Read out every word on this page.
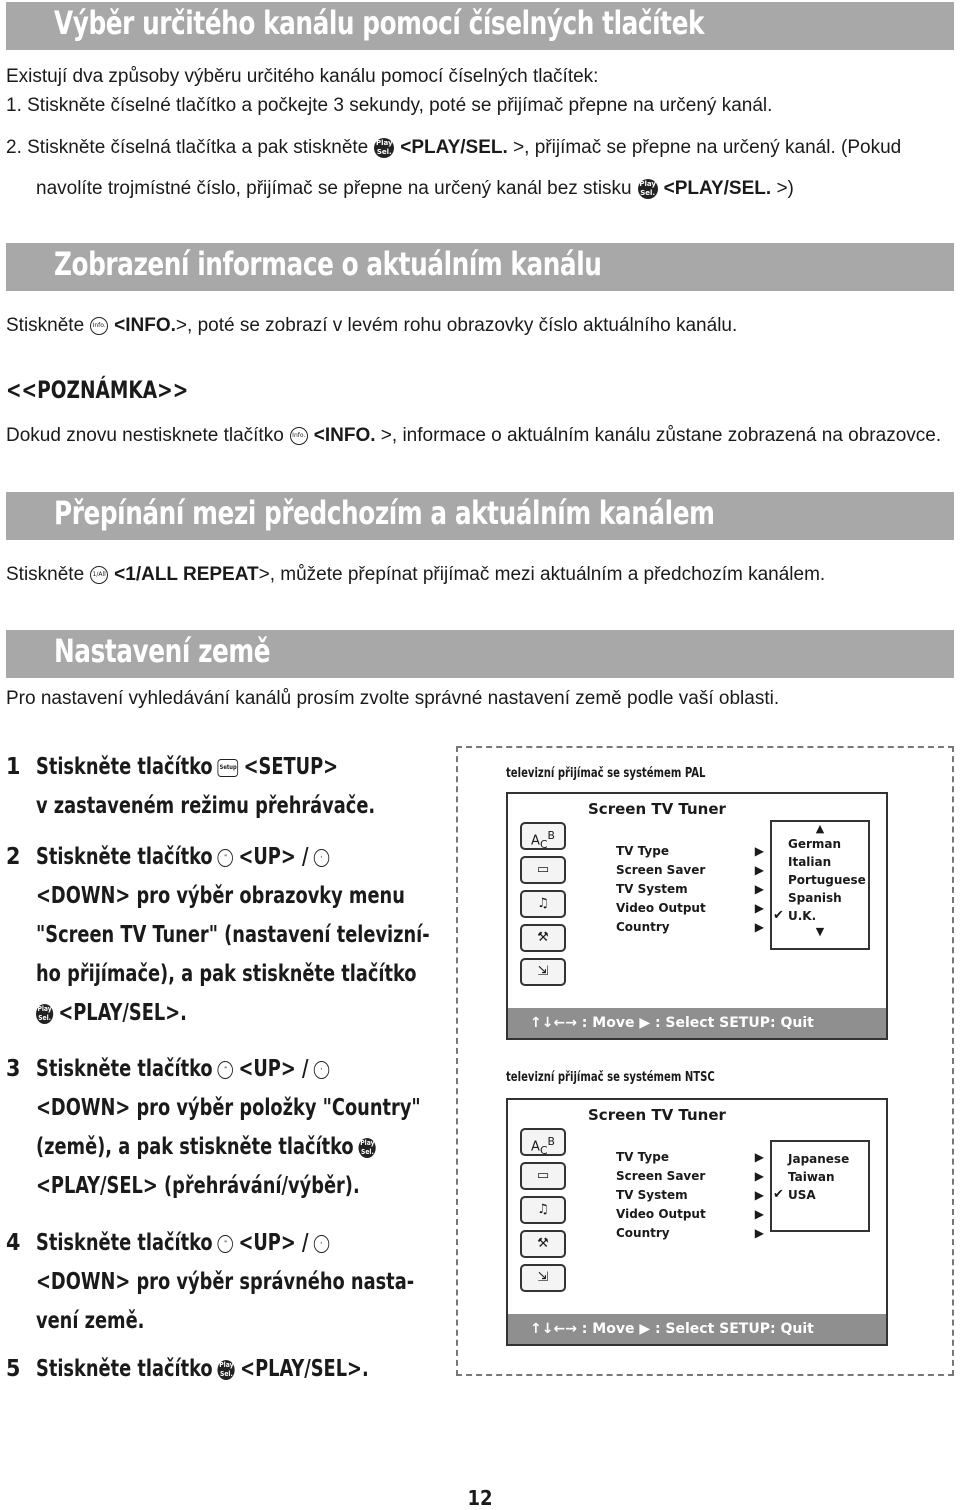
Výběr určitého kanálu pomocí číselných tlačítek
Existují dva způsoby výběru určitého kanálu pomocí číselných tlačítek:
1. Stiskněte číselné tlačítko a počkejte 3 sekundy, poté se přijímač přepne na určený kanál.
2. Stiskněte číselná tlačítka a pak stiskněte Play
Sel. <PLAY/SEL. >, přijímač se přepne na určený kanál. (Pokud
navolíte trojmístné číslo, přijímač se přepne na určený kanál bez stisku Play
Sel. <PLAY/SEL. >)
Zobrazení informace o aktuálním kanálu
Stiskněte Info. <INFO.>, poté se zobrazí v levém rohu obrazovky číslo aktuálního kanálu.
<<POZNÁMKA>>
Dokud znovu nestisknete tlačítko Info. <INFO. >, informace o aktuálním kanálu zůstane zobrazená na obrazovce.
Přepínání mezi předchozím a aktuálním kanálem
Stiskněte 1/All <1/ALL REPEAT>, můžete přepínat přijímač mezi aktuálním a předchozím kanálem.
Nastavení země
Pro nastavení vyhledávání kanálů prosím zvolte správné nastavení země podle vaší oblasti.
1 Stiskněte tlačítko Setup <SETUP>
v zastaveném režimu přehrávače.
2 Stiskněte tlačítko " <UP> / ·
<DOWN> pro výběr obrazovky menu
"Screen TV Tuner" (nastavení televizní-
ho přijímače), a pak stiskněte tlačítko
Play
Sel. <PLAY/SEL>.
3 Stiskněte tlačítko " <UP> / ·
<DOWN> pro výběr položky "Country"
(země), a pak stiskněte tlačítko Play
Sel.
<PLAY/SEL> (přehrávání/výběr).
4 Stiskněte tlačítko " <UP> / ·
<DOWN> pro výběr správného nasta-
vení země.
5 Stiskněte tlačítko Play
Sel. <PLAY/SEL>.
televizní přijímač se systémem PAL
Screen TV Tuner
$A_C^B$
▭
♫
⚒
⇲
TV Type	▶
Screen Saver	▶
TV System	▶
Video Output	▶
Country	▶
▲
German
Italian
Portuguese
Spanish
✔ U.K.
▼
↑↓←→ : Move ▶ : Select SETUP: Quit
televizní přijímač se systémem NTSC
Screen TV Tuner
$A_C^B$
▭
♫
⚒
⇲
TV Type	▶
Screen Saver	▶
TV System	▶
Video Output	▶
Country	▶
Japanese
Taiwan
✔ USA
↑↓←→ : Move ▶ : Select SETUP: Quit
12
